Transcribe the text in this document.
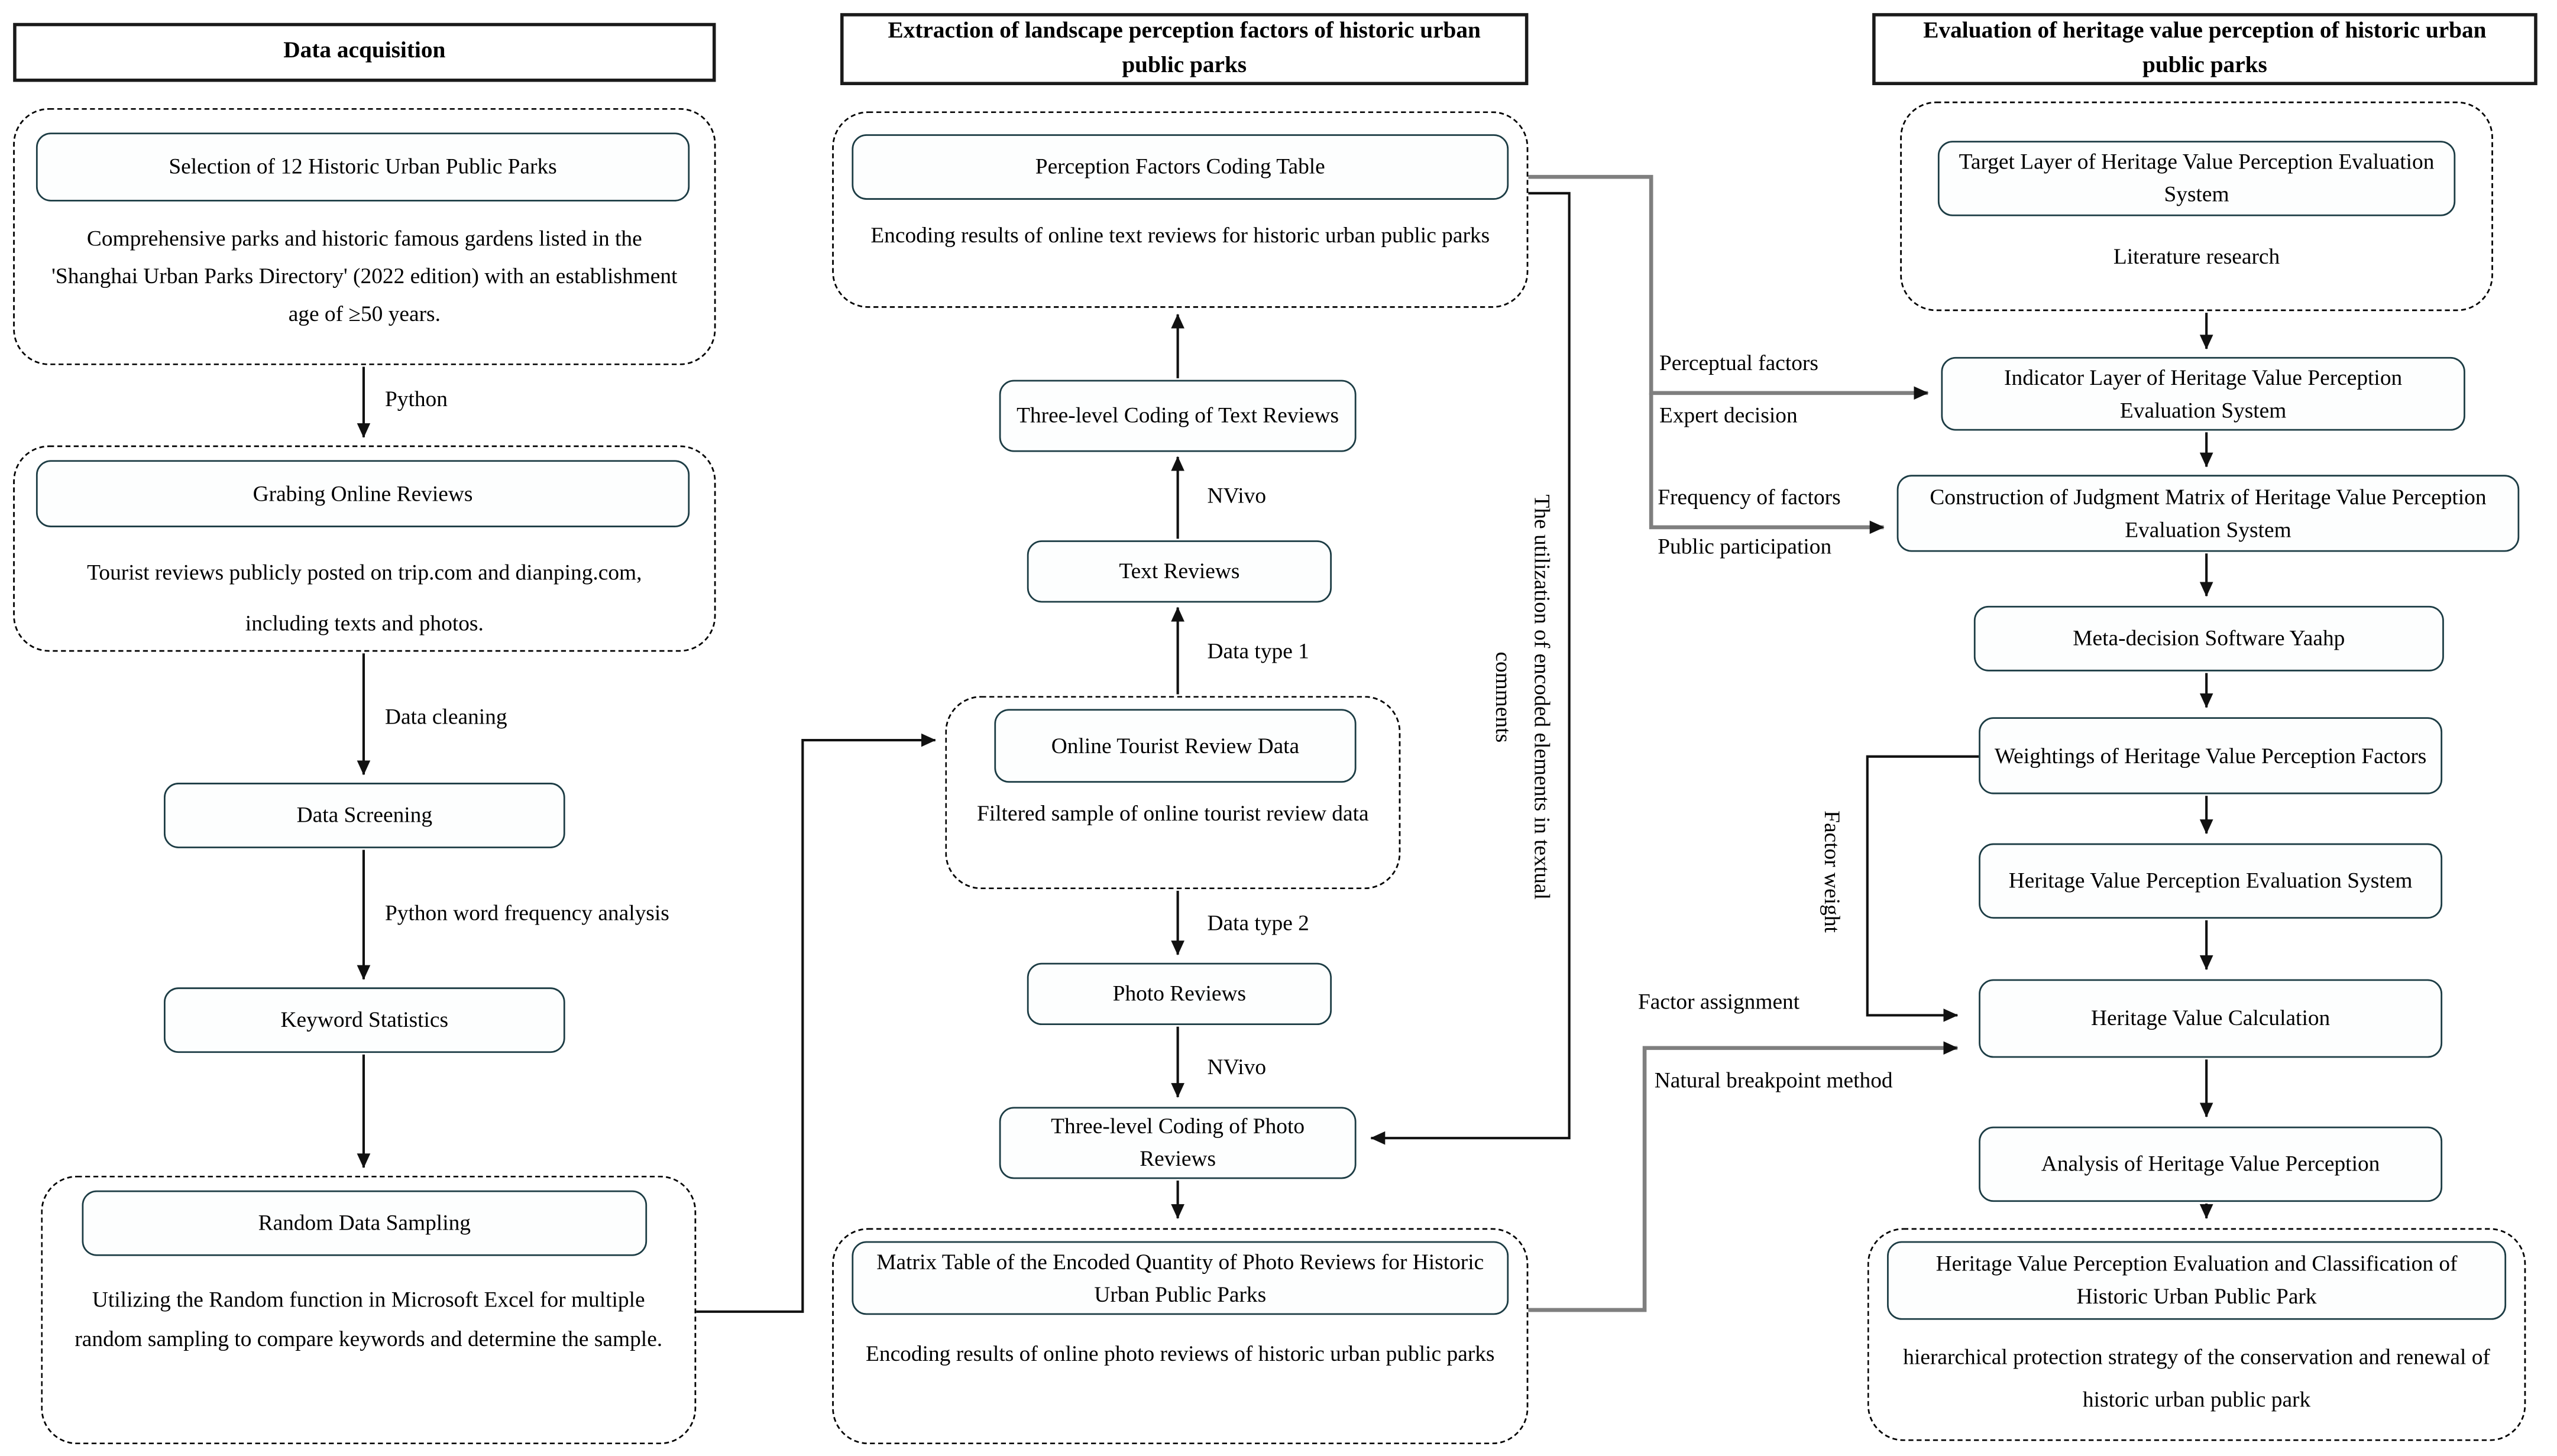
Data acquisition
Selection of 12 Historic Urban Public Parks
Comprehensive parks and historic famous gardens listed in the 'Shanghai Urban Parks Directory' (2022 edition) with an establishment age of ≥50 years.
Python
Grabing Online Reviews
Tourist reviews publicly posted on trip.com and dianping.com, including texts and photos.
Data cleaning
Data Screening
Python word frequency analysis
Keyword Statistics
Random Data Sampling
Utilizing the Random function in Microsoft Excel for multiple random sampling to compare keywords and determine the sample.
Extraction of landscape perception factors of historic urban public parks
Perception Factors Coding Table
Encoding results of online text reviews for historic urban public parks
Three-level Coding of Text Reviews
NVivo
Text Reviews
Data type 1
Online Tourist Review Data
Filtered sample of online tourist review data
Data type 2
Photo Reviews
NVivo
Three-level Coding of Photo Reviews
Matrix Table of the Encoded Quantity of Photo Reviews for Historic Urban Public Parks
Encoding results of online photo reviews of historic urban public parks
The utilization of encoded elements in textual comments
Perceptual factors
Expert decision
Frequency of factors
Public participation
Factor weight
Factor assignment
Natural breakpoint method
Evaluation of heritage value perception of historic urban public parks
Target Layer of Heritage Value Perception Evaluation System
Literature research
Indicator Layer of Heritage Value Perception Evaluation System
Construction of Judgment Matrix of Heritage Value Perception Evaluation System
Meta-decision Software Yaahp
Weightings of Heritage Value Perception Factors
Heritage Value Perception Evaluation System
Heritage Value Calculation
Analysis of Heritage Value Perception
Heritage Value Perception Evaluation and Classification of Historic Urban Public Park
hierarchical protection strategy of the conservation and renewal of historic urban public park
